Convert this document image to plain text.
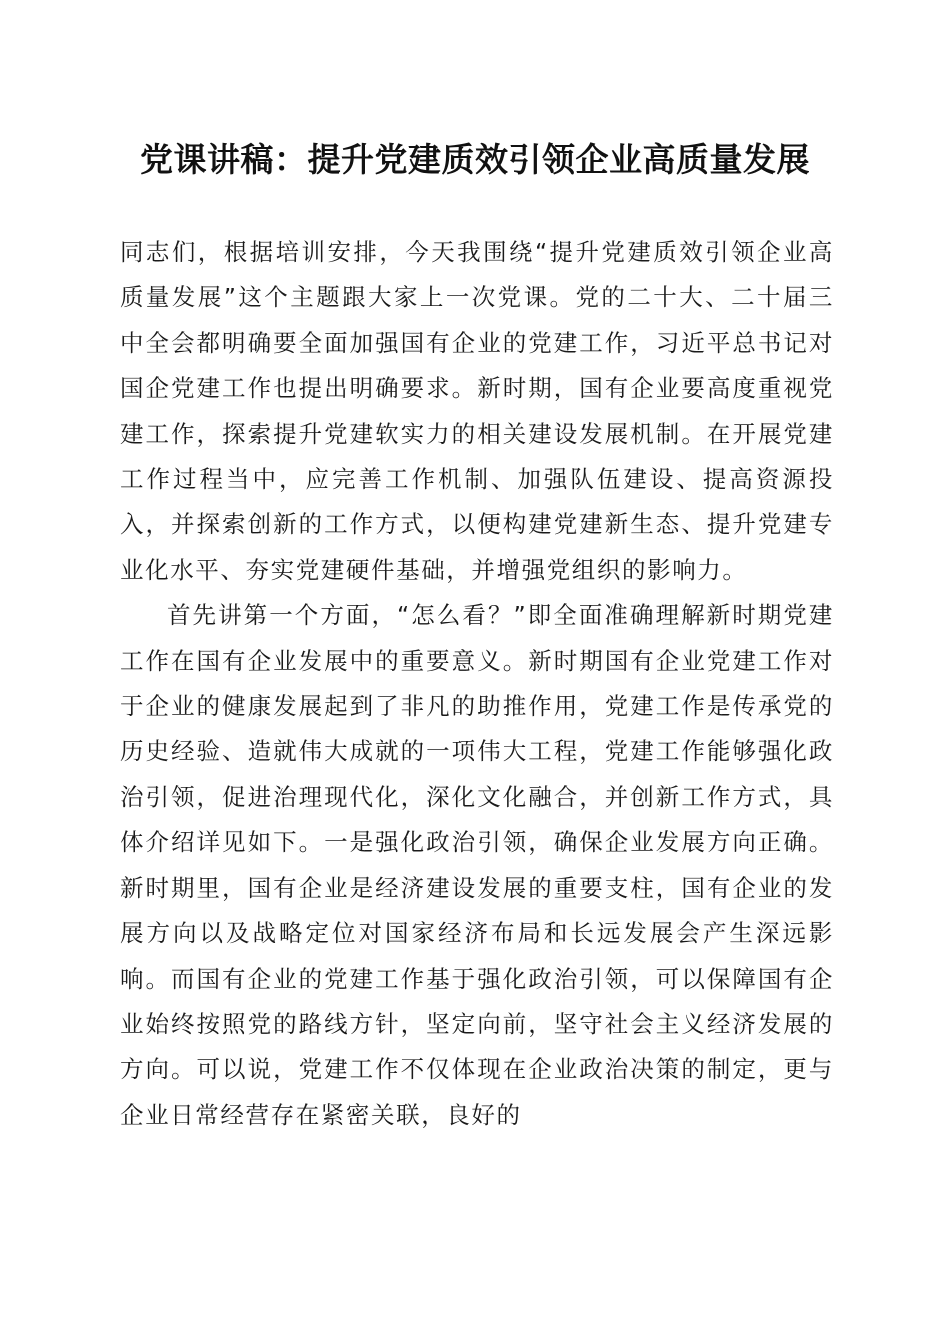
党课讲稿：提升党建质效引领企业高质量发展

同志们，根据培训安排，今天我围绕“提升党建质效引领企业高质量发展”这个主题跟大家上一次党课。党的二十大、二十届三中全会都明确要全面加强国有企业的党建工作，习近平总书记对国企党建工作也提出明确要求。新时期，国有企业要高度重视党建工作，探索提升党建软实力的相关建设发展机制。在开展党建工作过程当中，应完善工作机制、加强队伍建设、提高资源投入，并探索创新的工作方式，以便构建党建新生态、提升党建专业化水平、夯实党建硬件基础，并增强党组织的影响力。

首先讲第一个方面，“怎么看？”即全面准确理解新时期党建工作在国有企业发展中的重要意义。新时期国有企业党建工作对于企业的健康发展起到了非凡的助推作用，党建工作是传承党的历史经验、造就伟大成就的一项伟大工程，党建工作能够强化政治引领，促进治理现代化，深化文化融合，并创新工作方式，具体介绍详见如下。一是强化政治引领，确保企业发展方向正确。新时期里，国有企业是经济建设发展的重要支柱，国有企业的发展方向以及战略定位对国家经济布局和长远发展会产生深远影响。而国有企业的党建工作基于强化政治引领，可以保障国有企业始终按照党的路线方针，坚定向前，坚守社会主义经济发展的方向。可以说，党建工作不仅体现在企业政治决策的制定，更与企业日常经营存在紧密关联，良好的
